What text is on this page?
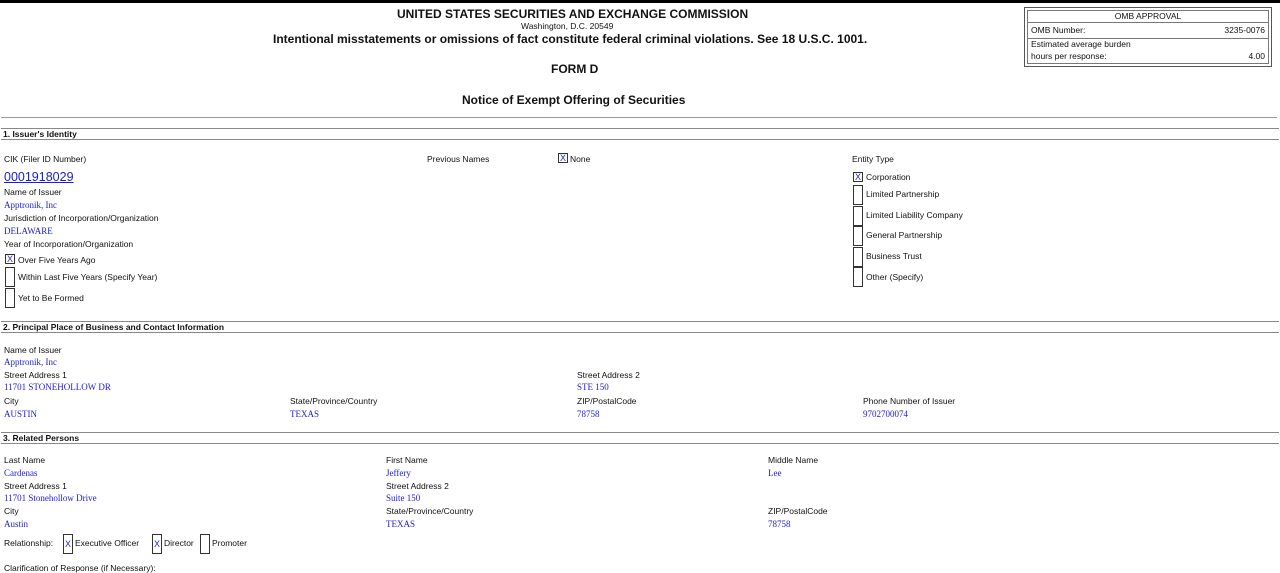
UNITED STATES SECURITIES AND EXCHANGE COMMISSION
Washington, D.C. 20549
Intentional misstatements or omissions of fact constitute federal criminal violations. See 18 U.S.C. 1001.
FORM D
Notice of Exempt Offering of Securities
OMB APPROVAL
OMB Number:	3235-0076
Estimated average burden
hours per response:	4.00
1. Issuer's Identity
CIK (Filer ID Number)
0001918029
Previous Names	X None	Entity Type
X Corporation
Limited Partnership
Limited Liability Company
General Partnership
Business Trust
Other (Specify)
Name of Issuer
Apptronik, Inc
Jurisdiction of Incorporation/Organization
DELAWARE
Year of Incorporation/Organization
X Over Five Years Ago
Within Last Five Years (Specify Year)
Yet to Be Formed
2. Principal Place of Business and Contact Information
Name of Issuer
Apptronik, Inc
Street Address 1
11701 STONEHOLLOW DR
Street Address 2
STE 150
City
AUSTIN
State/Province/Country
TEXAS
ZIP/PostalCode
78758
Phone Number of Issuer
9702700074
3. Related Persons
Last Name
Cardenas
First Name
Jeffery
Middle Name
Lee
Street Address 1
11701 Stonehollow Drive
Street Address 2
Suite 150
City
Austin
State/Province/Country
TEXAS
ZIP/PostalCode
78758
Relationship: X Executive Officer X Director Promoter
Clarification of Response (if Necessary):
